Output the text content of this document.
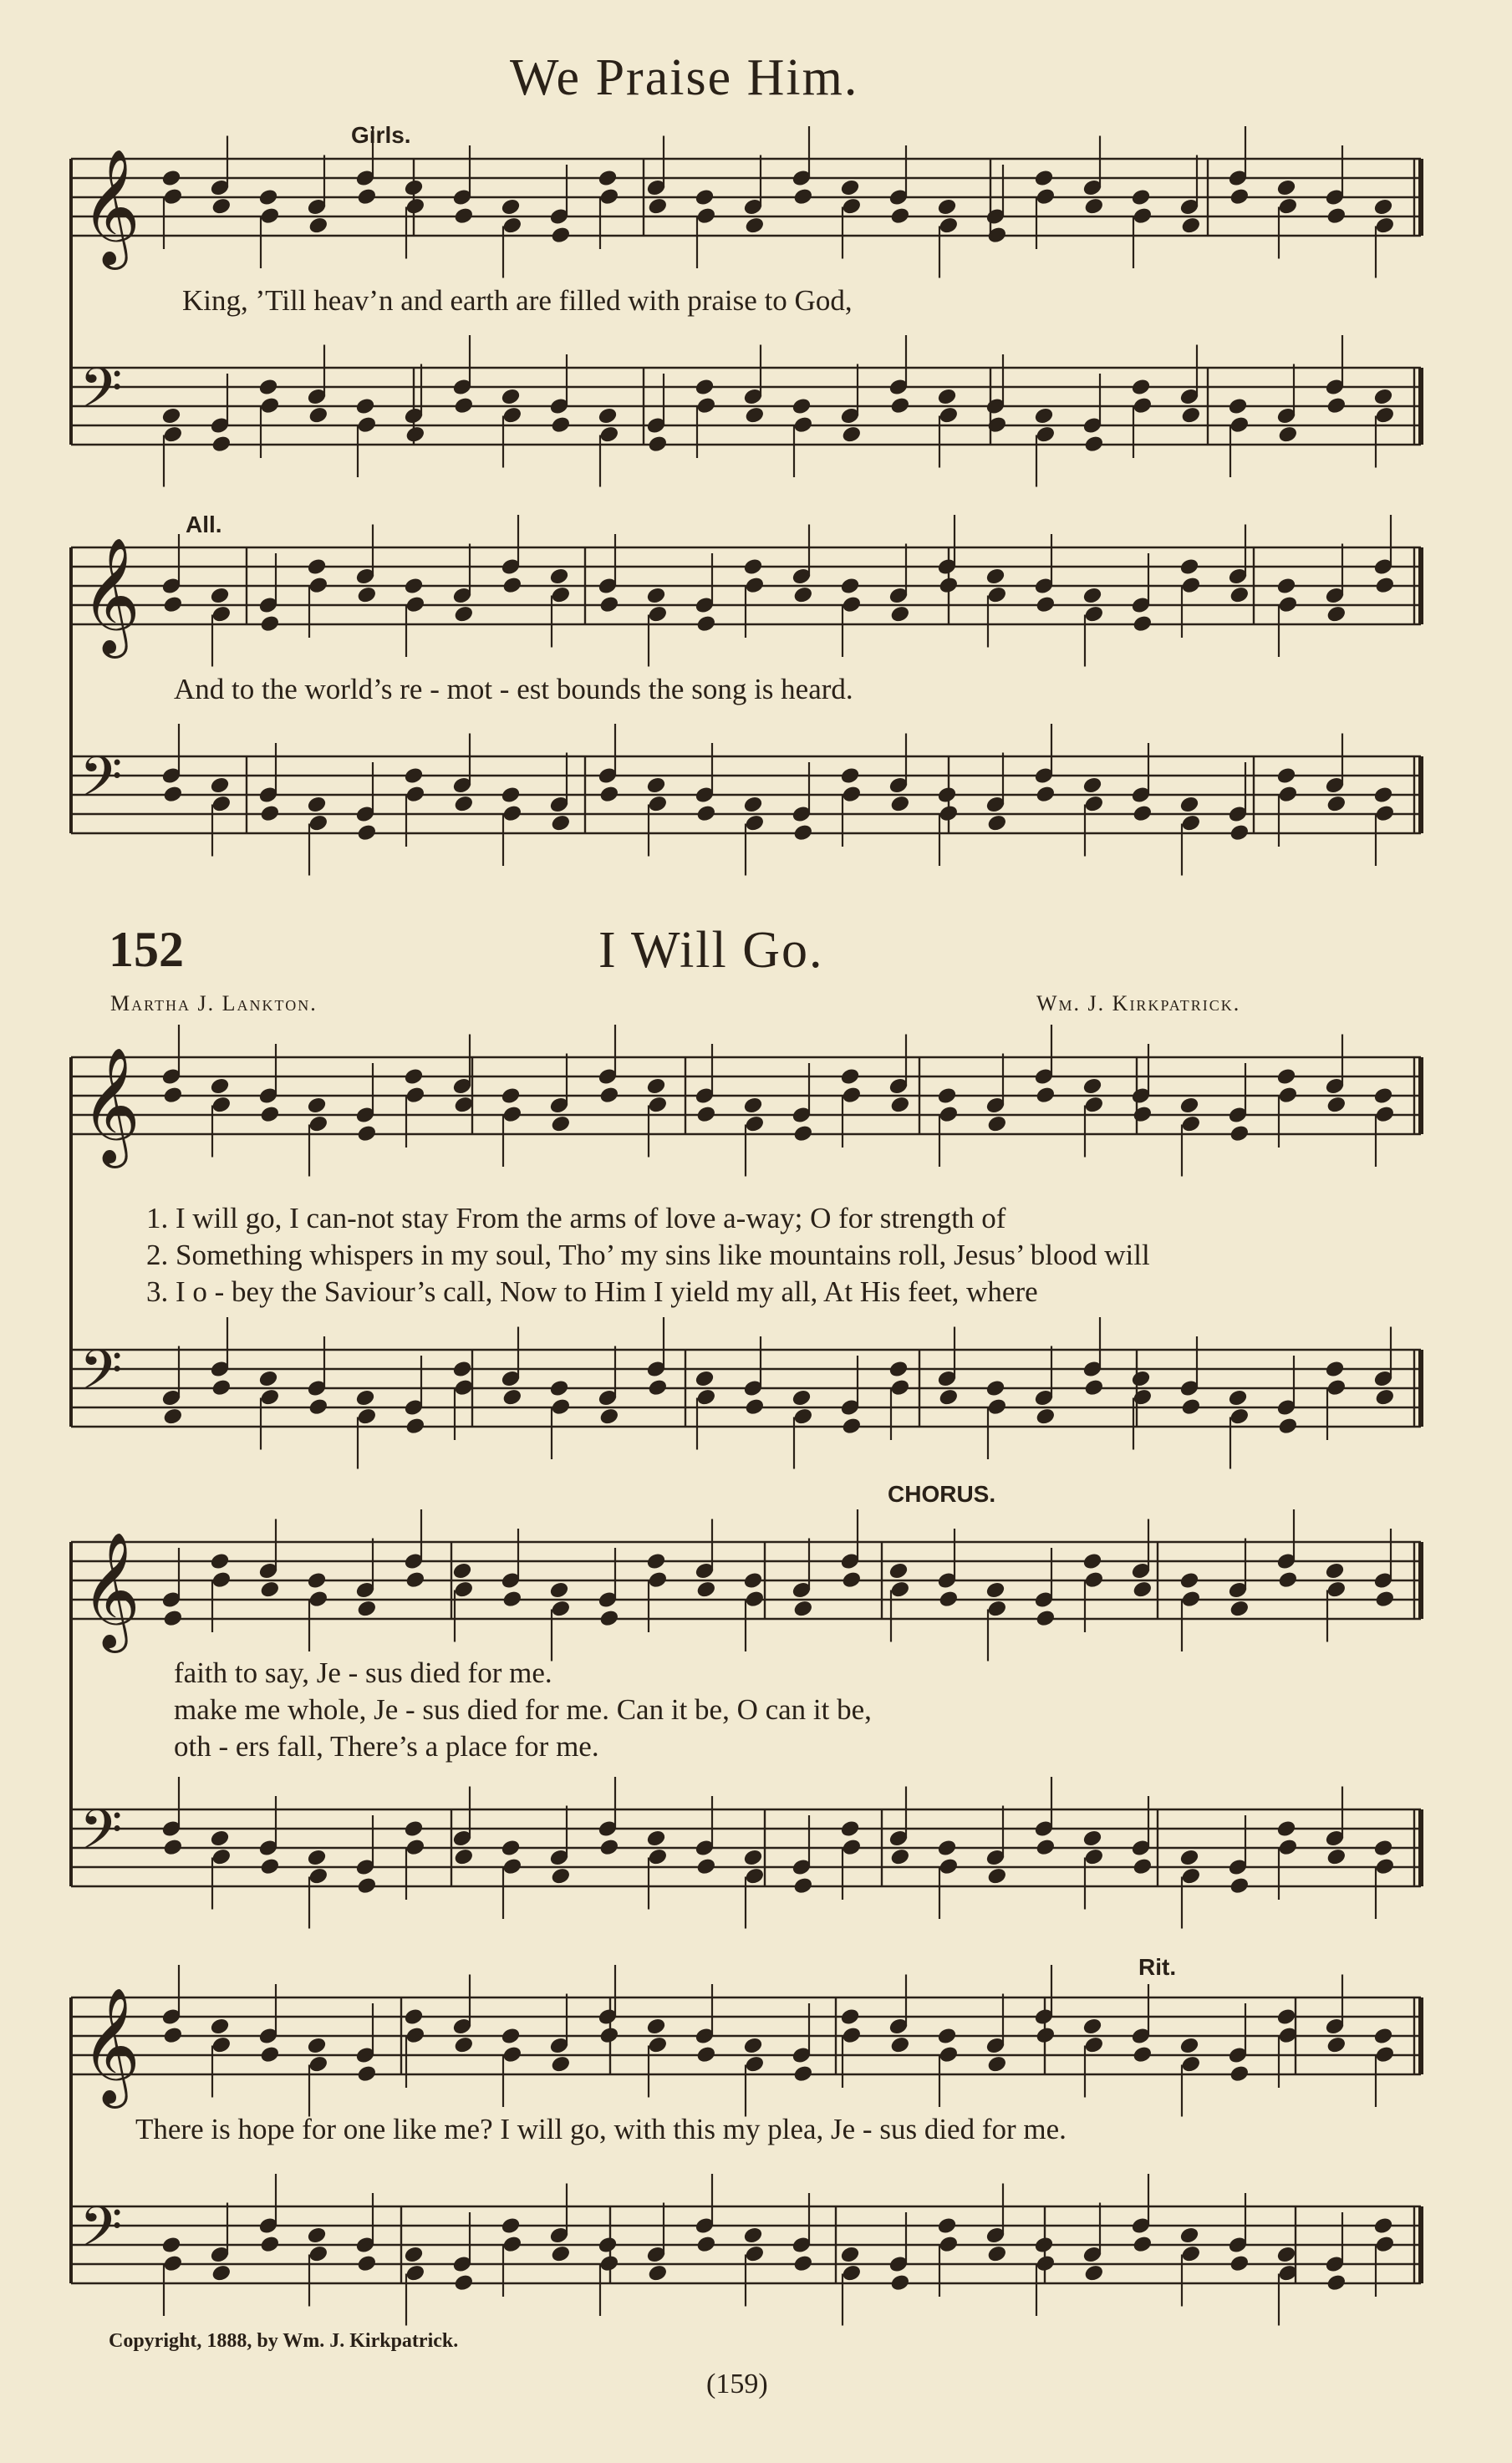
𝄞
𝄢
𝄞
𝄢
𝄞
𝄢
𝄞
𝄢
𝄞
𝄢
We Praise Him.
Girls.
King, ’Till heav’n and earth are filled with praise to God,
All.
And to the world’s re - mot - est bounds the song is heard.
152	I Will Go.
Martha J. Lankton.	Wm. J. Kirkpatrick.
1. I will go, I can-not stay From the arms of love a-way; O for strength of
2. Something whispers in my soul, Tho’ my sins like mountains roll, Jesus’ blood will
3. I o - bey the Saviour’s call, Now to Him I yield my all, At His feet, where
CHORUS.
faith to say, Je - sus died for me.
make me whole, Je - sus died for me. Can it be, O can it be,
oth - ers fall, There’s a place for me.
Rit.
There is hope for one like me? I will go, with this my plea, Je - sus died for me.
Copyright, 1888, by Wm. J. Kirkpatrick.
(159)
